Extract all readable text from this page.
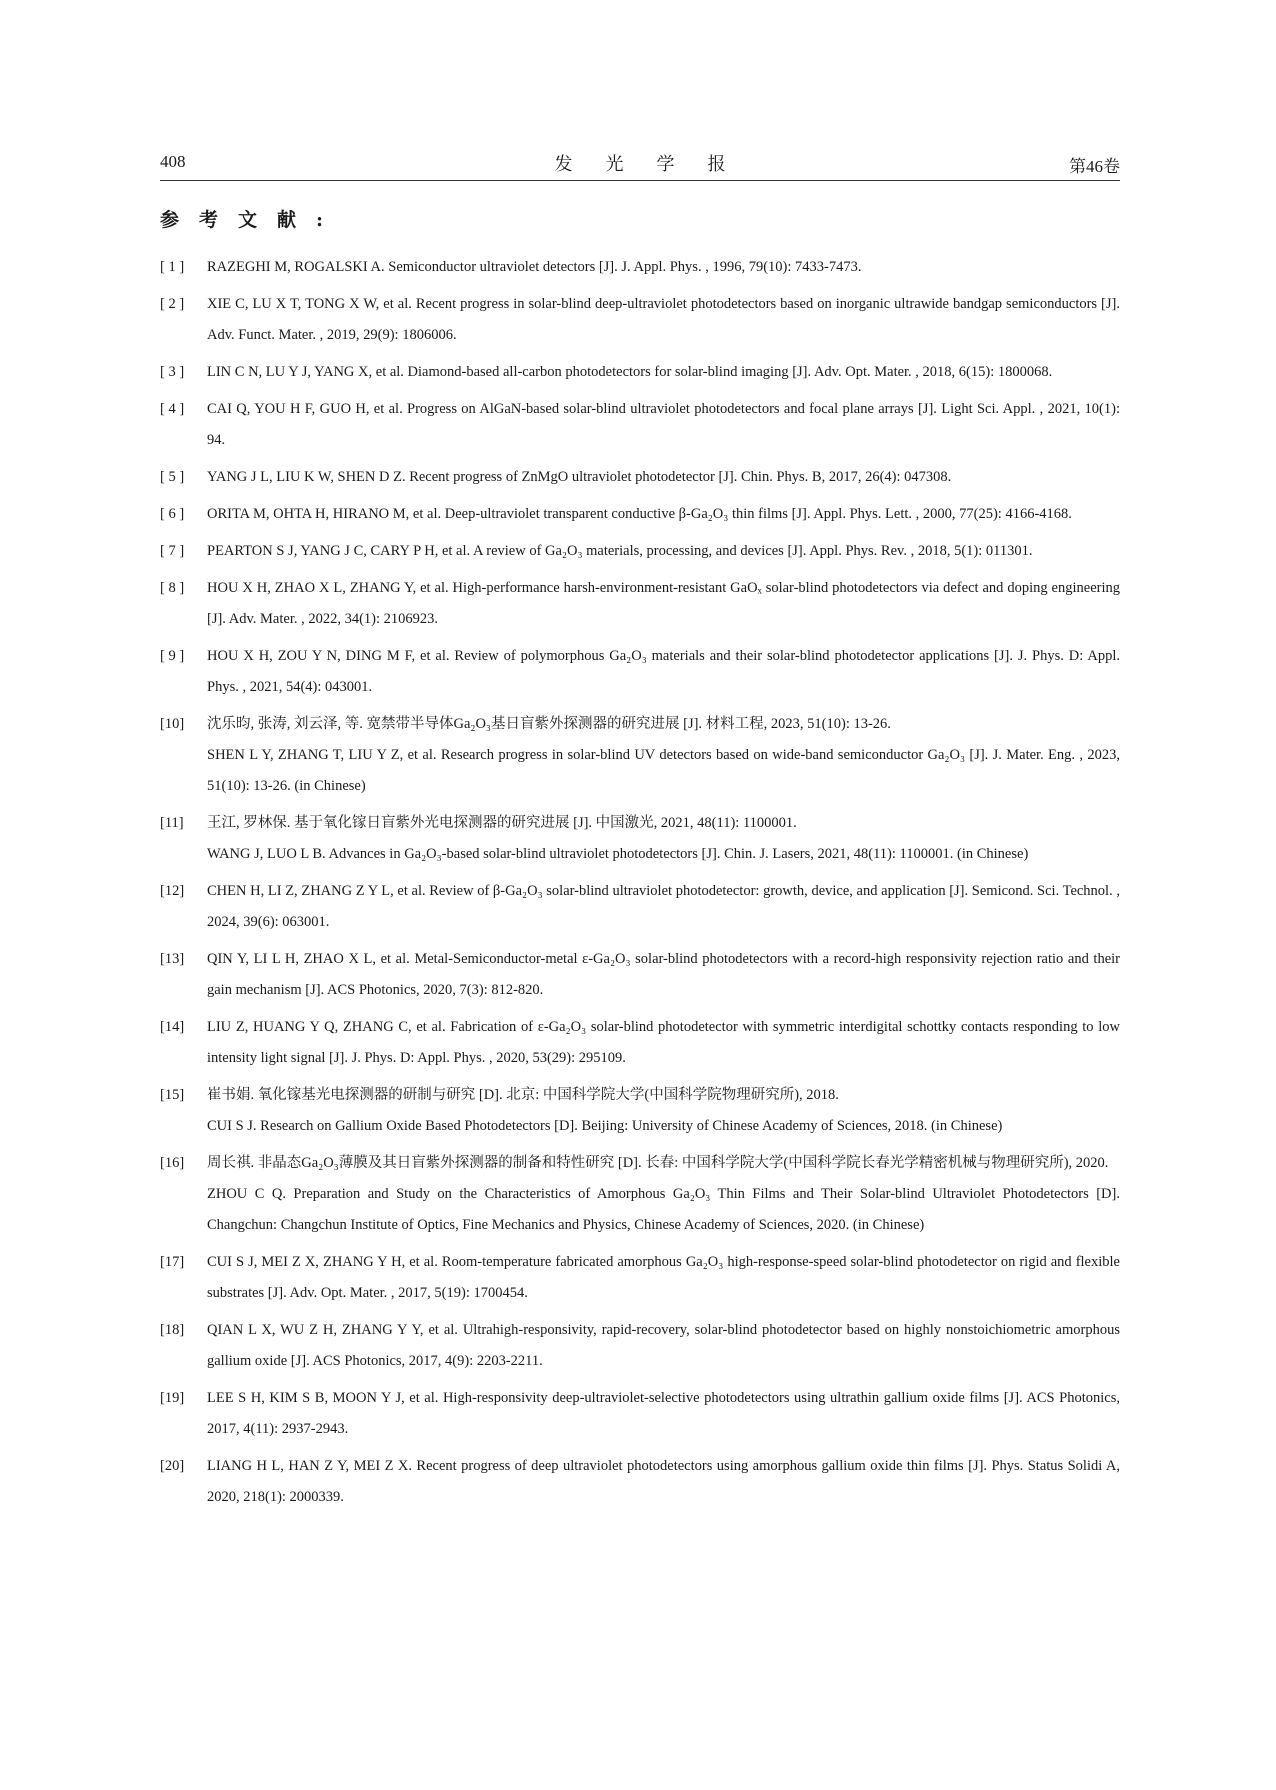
408	发光学报	第46卷
参考文献:
[ 1 ] RAZEGHI M, ROGALSKI A. Semiconductor ultraviolet detectors [J]. J. Appl. Phys. , 1996, 79(10): 7433-7473.
[ 2 ] XIE C, LU X T, TONG X W, et al. Recent progress in solar-blind deep-ultraviolet photodetectors based on inorganic ultrawide bandgap semiconductors [J]. Adv. Funct. Mater. , 2019, 29(9): 1806006.
[ 3 ] LIN C N, LU Y J, YANG X, et al. Diamond-based all-carbon photodetectors for solar-blind imaging [J]. Adv. Opt. Mater. , 2018, 6(15): 1800068.
[ 4 ] CAI Q, YOU H F, GUO H, et al. Progress on AlGaN-based solar-blind ultraviolet photodetectors and focal plane arrays [J]. Light Sci. Appl. , 2021, 10(1): 94.
[ 5 ] YANG J L, LIU K W, SHEN D Z. Recent progress of ZnMgO ultraviolet photodetector [J]. Chin. Phys. B, 2017, 26(4): 047308.
[ 6 ] ORITA M, OHTA H, HIRANO M, et al. Deep-ultraviolet transparent conductive β-Ga₂O₃ thin films [J]. Appl. Phys. Lett. , 2000, 77(25): 4166-4168.
[ 7 ] PEARTON S J, YANG J C, CARY P H, et al. A review of Ga₂O₃ materials, processing, and devices [J]. Appl. Phys. Rev. , 2018, 5(1): 011301.
[ 8 ] HOU X H, ZHAO X L, ZHANG Y, et al. High-performance harsh-environment-resistant GaOₓ solar-blind photodetectors via defect and doping engineering [J]. Adv. Mater. , 2022, 34(1): 2106923.
[ 9 ] HOU X H, ZOU Y N, DING M F, et al. Review of polymorphous Ga₂O₃ materials and their solar-blind photodetector applications [J]. J. Phys. D: Appl. Phys. , 2021, 54(4): 043001.
[10] 沈乐昀, 张涛, 刘云泽, 等. 宽禁带半导体Ga₂O₃基日盲紫外探测器的研究进展 [J]. 材料工程, 2023, 51(10): 13-26.
SHEN L Y, ZHANG T, LIU Y Z, et al. Research progress in solar-blind UV detectors based on wide-band semiconductor Ga₂O₃ [J]. J. Mater. Eng. , 2023, 51(10): 13-26. (in Chinese)
[11] 王江, 罗林保. 基于氧化镓日盲紫外光电探测器的研究进展 [J]. 中国激光, 2021, 48(11): 1100001.
WANG J, LUO L B. Advances in Ga₂O₃-based solar-blind ultraviolet photodetectors [J]. Chin. J. Lasers, 2021, 48(11): 1100001. (in Chinese)
[12] CHEN H, LI Z, ZHANG Z Y L, et al. Review of β-Ga₂O₃ solar-blind ultraviolet photodetector: growth, device, and application [J]. Semicond. Sci. Technol. , 2024, 39(6): 063001.
[13] QIN Y, LI L H, ZHAO X L, et al. Metal-Semiconductor-metal ε-Ga₂O₃ solar-blind photodetectors with a record-high responsivity rejection ratio and their gain mechanism [J]. ACS Photonics, 2020, 7(3): 812-820.
[14] LIU Z, HUANG Y Q, ZHANG C, et al. Fabrication of ε-Ga₂O₃ solar-blind photodetector with symmetric interdigital schottky contacts responding to low intensity light signal [J]. J. Phys. D: Appl. Phys. , 2020, 53(29): 295109.
[15] 崔书娟. 氧化镓基光电探测器的研制与研究 [D]. 北京: 中国科学院大学(中国科学院物理研究所), 2018.
CUI S J. Research on Gallium Oxide Based Photodetectors [D]. Beijing: University of Chinese Academy of Sciences, 2018. (in Chinese)
[16] 周长祺. 非晶态Ga₂O₃薄膜及其日盲紫外探测器的制备和特性研究 [D]. 长春: 中国科学院大学(中国科学院长春光学精密机械与物理研究所), 2020.
ZHOU C Q. Preparation and Study on the Characteristics of Amorphous Ga₂O₃ Thin Films and Their Solar-blind Ultraviolet Photodetectors [D]. Changchun: Changchun Institute of Optics, Fine Mechanics and Physics, Chinese Academy of Sciences, 2020. (in Chinese)
[17] CUI S J, MEI Z X, ZHANG Y H, et al. Room-temperature fabricated amorphous Ga₂O₃ high-response-speed solar-blind photodetector on rigid and flexible substrates [J]. Adv. Opt. Mater. , 2017, 5(19): 1700454.
[18] QIAN L X, WU Z H, ZHANG Y Y, et al. Ultrahigh-responsivity, rapid-recovery, solar-blind photodetector based on highly nonstoichiometric amorphous gallium oxide [J]. ACS Photonics, 2017, 4(9): 2203-2211.
[19] LEE S H, KIM S B, MOON Y J, et al. High-responsivity deep-ultraviolet-selective photodetectors using ultrathin gallium oxide films [J]. ACS Photonics, 2017, 4(11): 2937-2943.
[20] LIANG H L, HAN Z Y, MEI Z X. Recent progress of deep ultraviolet photodetectors using amorphous gallium oxide thin films [J]. Phys. Status Solidi A, 2020, 218(1): 2000339.
